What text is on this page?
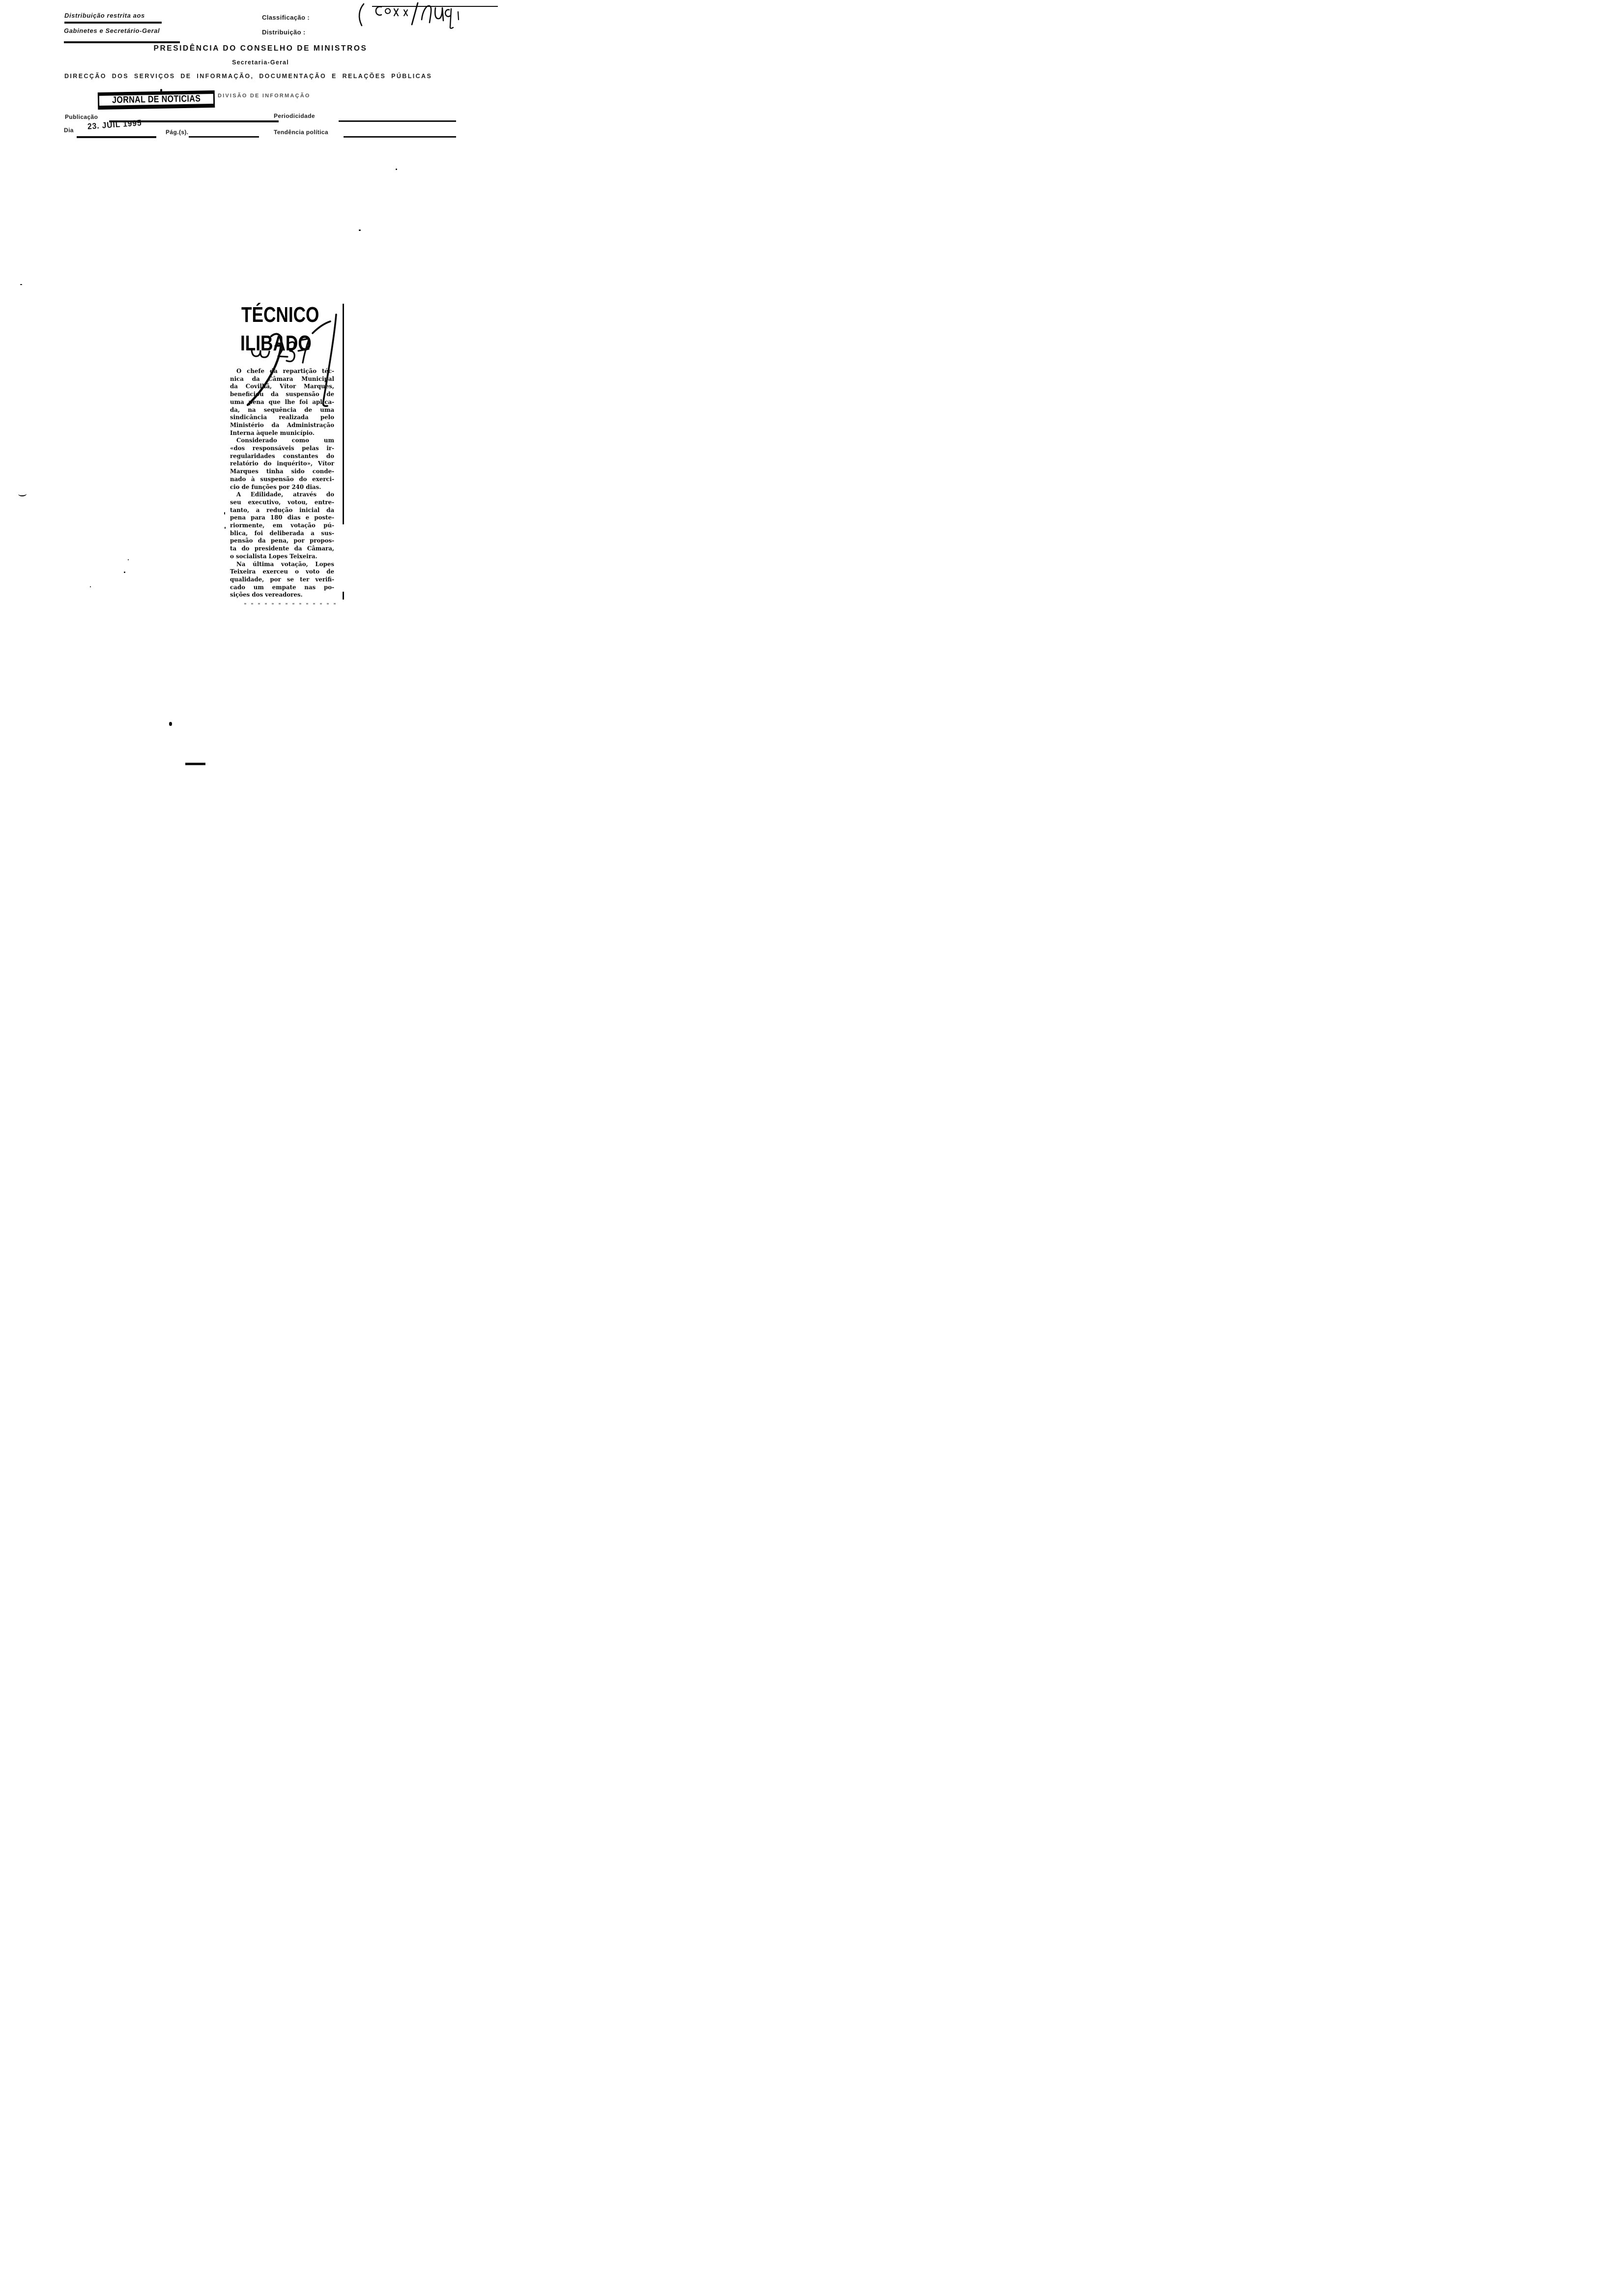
Distribuição restrita aos
Gabinetes e Secretário-Geral
Classificação :
Distribuição :
PRESIDÊNCIA DO CONSELHO DE MINISTROS
Secretaria-Geral
DIRECÇÃO DOS SERVIÇOS DE INFORMAÇÃO, DOCUMENTAÇÃO E RELAÇÕES PÚBLICAS
JORNAL DE NOTICIAS	DIVISÃO DE INFORMAÇÃO
Publicação	Periodicidade
Dia 23. JUIL 1995
Pág.(s).	Tendência política
TÉCNICO
ILIBADO
O chefe da repartição téc-
nica da Câmara Municipal
da Covilhã, Vítor Marques,
beneficiou da suspensão de
uma pena que lhe foi aplica-
da, na sequência de uma
sindicância realizada pelo
Ministério da Administração
Interna àquele município.
Considerado como um
«dos responsáveis pelas ir-
regularidades constantes do
relatório do inquérito», Vítor
Marques tinha sido conde-
nado à suspensão do exerci-
cio de funções por 240 dias.
A Edilidade, através do
seu executivo, votou, entre-
tanto, a redução inicial da
pena para 180 dias e poste-
riormente, em votação pú-
blica, foi deliberada a sus-
pensão da pena, por propos-
ta do presidente da Câmara,
o socialista Lopes Teixeira.
Na última votação, Lopes
Teixeira exerceu o voto de
qualidade, por se ter verifi-
cado um empate nas po-
sições dos vereadores.
